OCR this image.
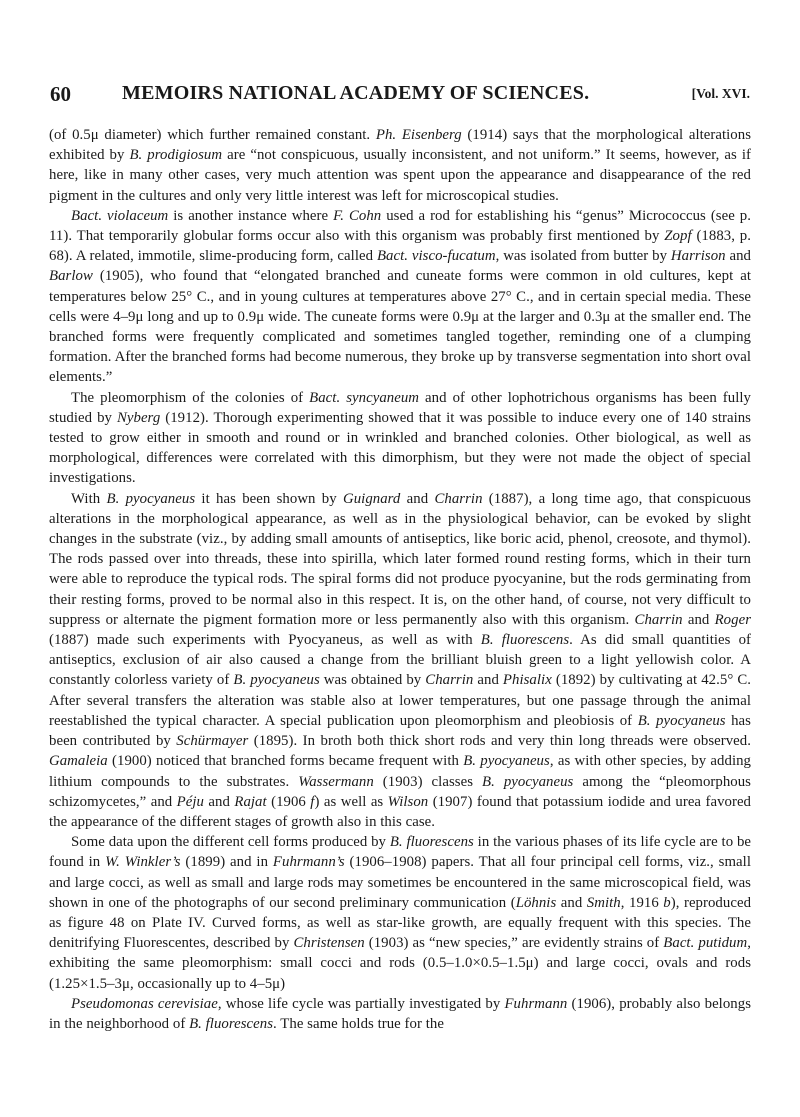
60	MEMOIRS NATIONAL ACADEMY OF SCIENCES.	[Vol. XVI.

(of 0.5μ diameter) which further remained constant. Ph. Eisenberg (1914) says that the morphological alterations exhibited by B. prodigiosum are “not conspicuous, usually inconsistent, and not uniform.” It seems, however, as if here, like in many other cases, very much attention was spent upon the appearance and disappearance of the red pigment in the cultures and only very little interest was left for microscopical studies.

Bact. violaceum is another instance where F. Cohn used a rod for establishing his “genus” Micrococcus (see p. 11). That temporarily globular forms occur also with this organism was probably first mentioned by Zopf (1883, p. 68). A related, immotile, slime-producing form, called Bact. visco-fucatum, was isolated from butter by Harrison and Barlow (1905), who found that “elongated branched and cuneate forms were common in old cultures, kept at temperatures below 25° C., and in young cultures at temperatures above 27° C., and in certain special media. These cells were 4–9μ long and up to 0.9μ wide. The cuneate forms were 0.9μ at the larger and 0.3μ at the smaller end. The branched forms were frequently complicated and sometimes tangled together, reminding one of a clumping formation. After the branched forms had become numerous, they broke up by transverse segmentation into short oval elements.”

The pleomorphism of the colonies of Bact. syncyaneum and of other lophotrichous organisms has been fully studied by Nyberg (1912). Thorough experimenting showed that it was possible to induce every one of 140 strains tested to grow either in smooth and round or in wrinkled and branched colonies. Other biological, as well as morphological, differences were correlated with this dimorphism, but they were not made the object of special investigations.

With B. pyocyaneus it has been shown by Guignard and Charrin (1887), a long time ago, that conspicuous alterations in the morphological appearance, as well as in the physiological behavior, can be evoked by slight changes in the substrate (viz., by adding small amounts of antiseptics, like boric acid, phenol, creosote, and thymol). The rods passed over into threads, these into spirilla, which later formed round resting forms, which in their turn were able to reproduce the typical rods. The spiral forms did not produce pyocyanine, but the rods germinating from their resting forms, proved to be normal also in this respect. It is, on the other hand, of course, not very difficult to suppress or alternate the pigment formation more or less permanently also with this organism. Charrin and Roger (1887) made such experiments with Pyocyaneus, as well as with B. fluorescens. As did small quantities of antiseptics, exclusion of air also caused a change from the brilliant bluish green to a light yellowish color. A constantly colorless variety of B. pyocyaneus was obtained by Charrin and Phisalix (1892) by cultivating at 42.5° C. After several transfers the alteration was stable also at lower temperatures, but one passage through the animal reestablished the typical character. A special publication upon pleomorphism and pleobiosis of B. pyocyaneus has been contributed by Schürmayer (1895). In broth both thick short rods and very thin long threads were observed. Gamaleia (1900) noticed that branched forms became frequent with B. pyocyaneus, as with other species, by adding lithium compounds to the substrates. Wassermann (1903) classes B. pyocyaneus among the “pleomorphous schizomycetes,” and Péju and Rajat (1906 f) as well as Wilson (1907) found that potassium iodide and urea favored the appearance of the different stages of growth also in this case.

Some data upon the different cell forms produced by B. fluorescens in the various phases of its life cycle are to be found in W. Winkler’s (1899) and in Fuhrmann’s (1906–1908) papers. That all four principal cell forms, viz., small and large cocci, as well as small and large rods may sometimes be encountered in the same microscopical field, was shown in one of the photographs of our second preliminary communication (Löhnis and Smith, 1916 b), reproduced as figure 48 on Plate IV. Curved forms, as well as star-like growth, are equally frequent with this species. The denitrifying Fluorescentes, described by Christensen (1903) as “new species,” are evidently strains of Bact. putidum, exhibiting the same pleomorphism: small cocci and rods (0.5–1.0×0.5–1.5μ) and large cocci, ovals and rods (1.25×1.5–3μ, occasionally up to 4–5μ)

Pseudomonas cerevisiae, whose life cycle was partially investigated by Fuhrmann (1906), probably also belongs in the neighborhood of B. fluorescens. The same holds true for the
